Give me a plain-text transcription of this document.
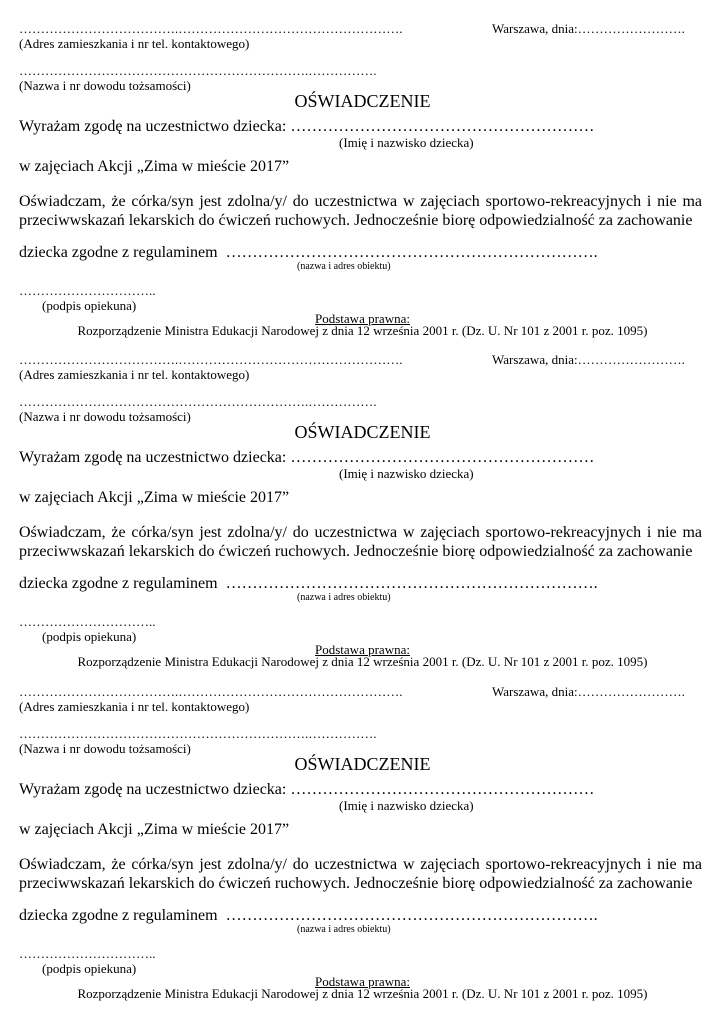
……………………………….…………………………………………….	Warszawa, dnia:…………………….
(Adres zamieszkania i nr tel. kontaktowego)
………………………………………………………….…………….
(Nazwa i nr dowodu tożsamości)
OŚWIADCZENIE
Wyrażam zgodę na uczestnictwo dziecka: …………………………………………………
(Imię i nazwisko dziecka)
w zajęciach Akcji „Zima w mieście 2017”
Oświadczam, że córka/syn jest zdolna/y/ do uczestnictwa w zajęciach sportowo-rekreacyjnych i nie ma
przeciwwskazań lekarskich do ćwiczeń ruchowych. Jednocześnie biorę odpowiedzialność za zachowanie
dziecka zgodne z regulaminem  …………………………………………………………….
(nazwa i adres obiektu)
…………………………..
(podpis opiekuna)
Podstawa prawna:
Rozporządzenie Ministra Edukacji Narodowej z dnia 12 września 2001 r. (Dz. U. Nr 101 z 2001 r. poz. 1095)
……………………………….…………………………………………….	Warszawa, dnia:…………………….
(Adres zamieszkania i nr tel. kontaktowego)
………………………………………………………….…………….
(Nazwa i nr dowodu tożsamości)
OŚWIADCZENIE
Wyrażam zgodę na uczestnictwo dziecka: …………………………………………………
(Imię i nazwisko dziecka)
w zajęciach Akcji „Zima w mieście 2017”
Oświadczam, że córka/syn jest zdolna/y/ do uczestnictwa w zajęciach sportowo-rekreacyjnych i nie ma
przeciwwskazań lekarskich do ćwiczeń ruchowych. Jednocześnie biorę odpowiedzialność za zachowanie
dziecka zgodne z regulaminem  …………………………………………………………….
(nazwa i adres obiektu)
…………………………..
(podpis opiekuna)
Podstawa prawna:
Rozporządzenie Ministra Edukacji Narodowej z dnia 12 września 2001 r. (Dz. U. Nr 101 z 2001 r. poz. 1095)
……………………………….…………………………………………….	Warszawa, dnia:…………………….
(Adres zamieszkania i nr tel. kontaktowego)
………………………………………………………….…………….
(Nazwa i nr dowodu tożsamości)
OŚWIADCZENIE
Wyrażam zgodę na uczestnictwo dziecka: …………………………………………………
(Imię i nazwisko dziecka)
w zajęciach Akcji „Zima w mieście 2017”
Oświadczam, że córka/syn jest zdolna/y/ do uczestnictwa w zajęciach sportowo-rekreacyjnych i nie ma
przeciwwskazań lekarskich do ćwiczeń ruchowych. Jednocześnie biorę odpowiedzialność za zachowanie
dziecka zgodne z regulaminem  …………………………………………………………….
(nazwa i adres obiektu)
…………………………..
(podpis opiekuna)
Podstawa prawna:
Rozporządzenie Ministra Edukacji Narodowej z dnia 12 września 2001 r. (Dz. U. Nr 101 z 2001 r. poz. 1095)
